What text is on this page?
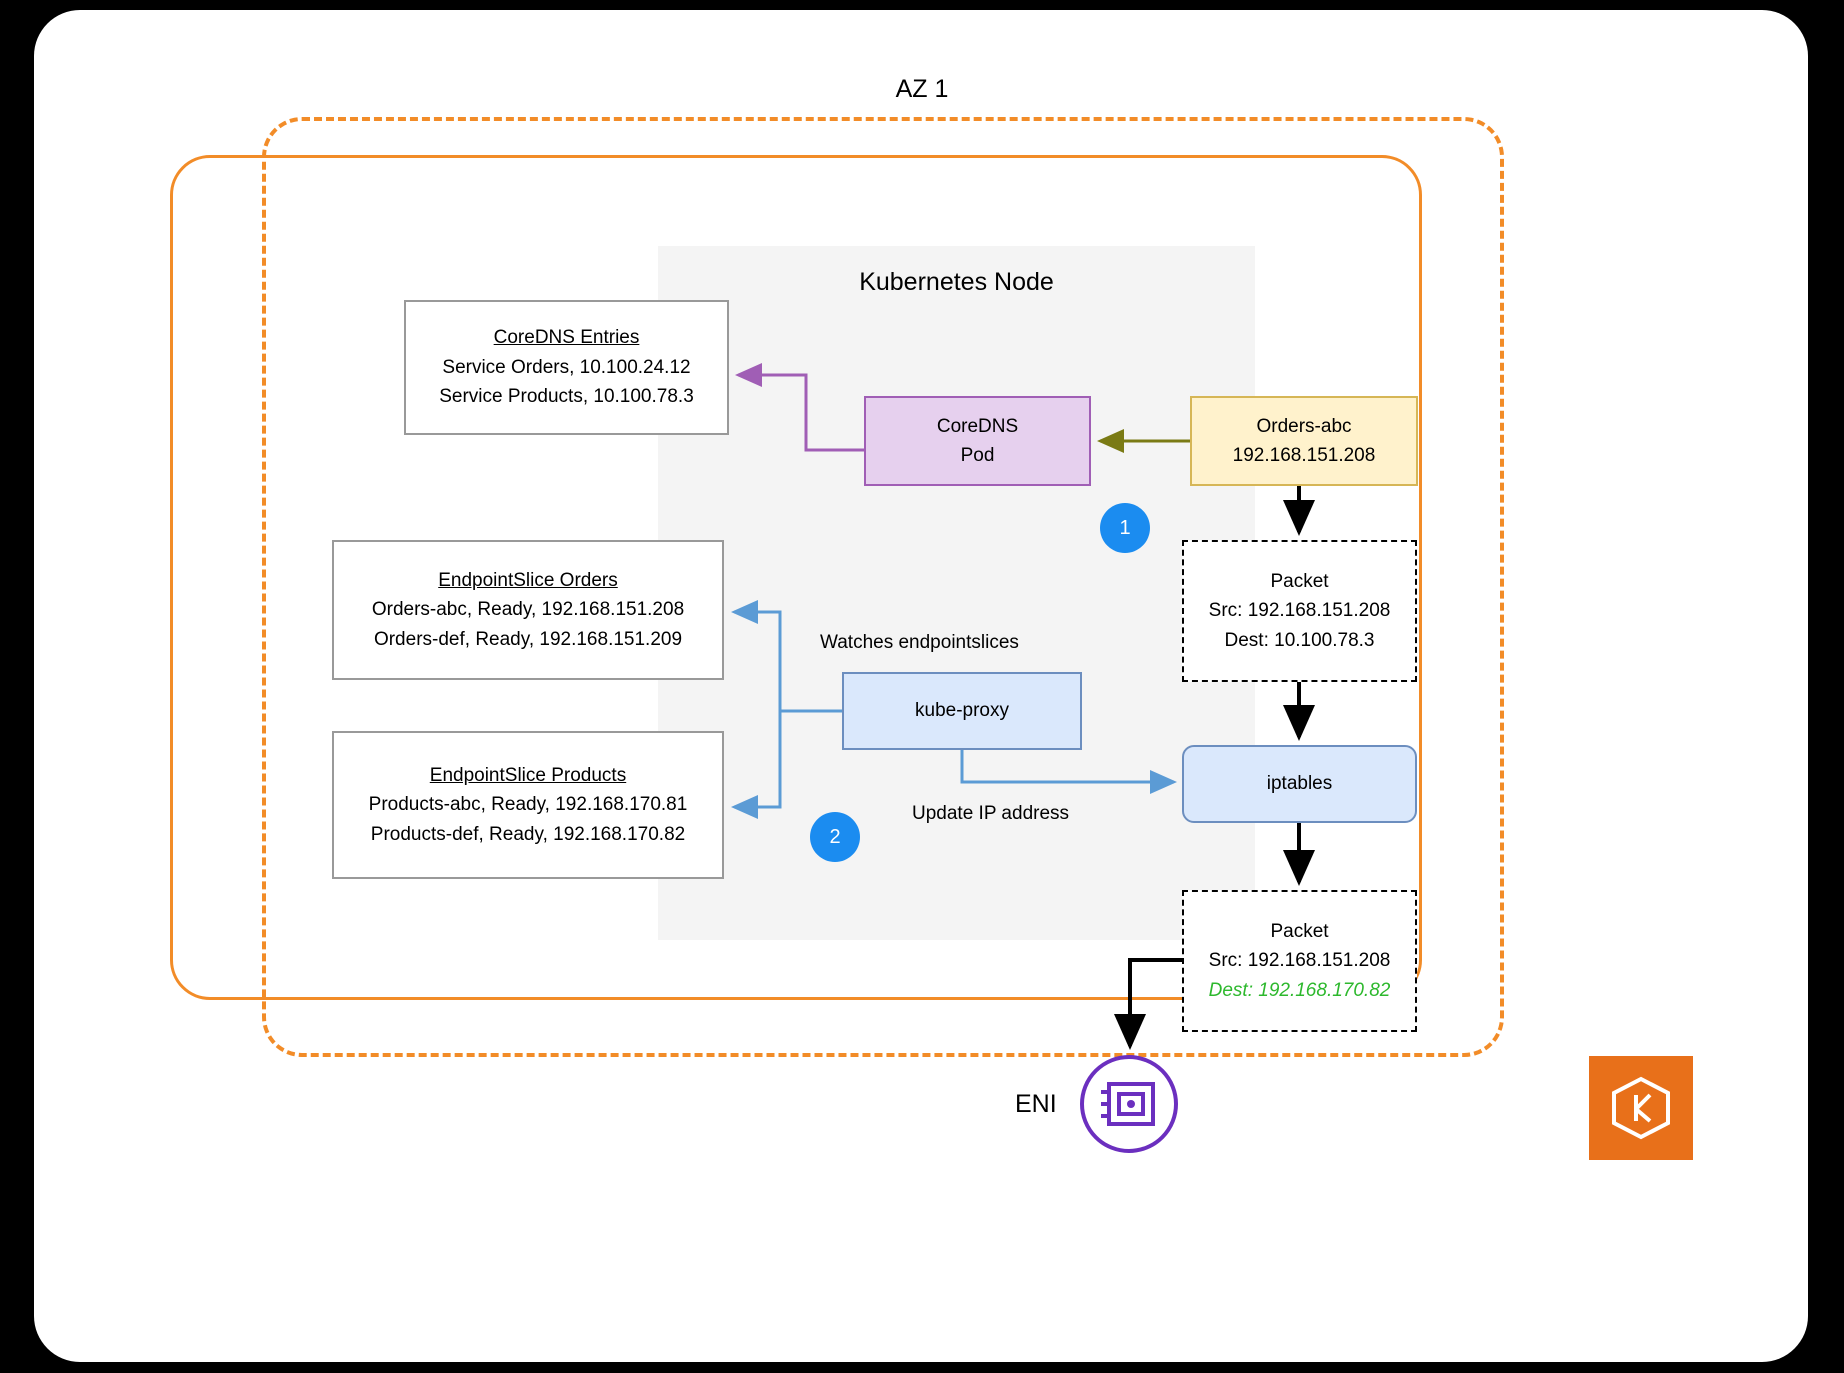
AZ 1
Kubernetes Node
CoreDNS Entries
Service Orders, 10.100.24.12
Service Products, 10.100.78.3
CoreDNS
Pod
Orders-abc
192.168.151.208
Packet
Src: 192.168.151.208
Dest: 10.100.78.3
iptables
Packet
Src: 192.168.151.208
Dest: 192.168.170.82
EndpointSlice Orders
Orders-abc, Ready, 192.168.151.208
Orders-def, Ready, 192.168.151.209
EndpointSlice Products
Products-abc, Ready, 192.168.170.81
Products-def, Ready, 192.168.170.82
kube-proxy
Watches endpointslices
Update IP address
1
2
ENI
